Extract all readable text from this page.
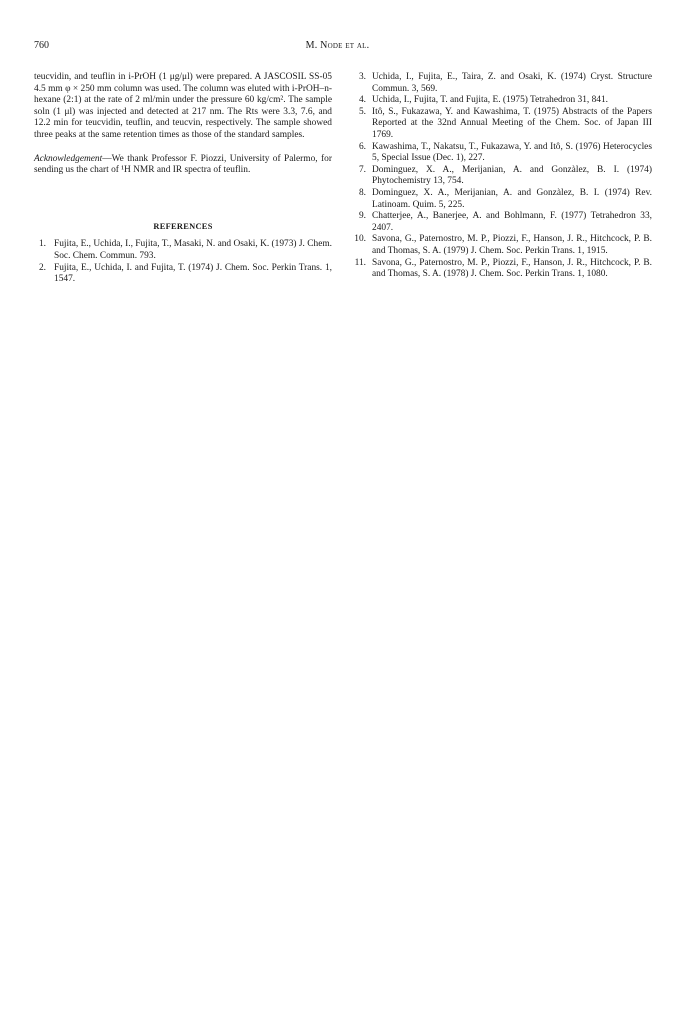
760	M. Node et al.

teucvidin, and teuflin in i-PrOH (1 μg/μl) were prepared. A JASCOSIL SS-05 4.5 mm φ × 250 mm column was used. The column was eluted with i-PrOH–n-hexane (2:1) at the rate of 2 ml/min under the pressure 60 kg/cm². The sample soln (1 μl) was injected and detected at 217 nm. The Rts were 3.3, 7.6, and 12.2 min for teucvidin, teuflin, and teucvin, respectively. The sample showed three peaks at the same retention times as those of the standard samples.

Acknowledgement—We thank Professor F. Piozzi, University of Palermo, for sending us the chart of ¹H NMR and IR spectra of teuflin.

REFERENCES
1. Fujita, E., Uchida, I., Fujita, T., Masaki, N. and Osaki, K. (1973) J. Chem. Soc. Chem. Commun. 793.
2. Fujita, E., Uchida, I. and Fujita, T. (1974) J. Chem. Soc. Perkin Trans. 1, 1547.
3. Uchida, I., Fujita, E., Taira, Z. and Osaki, K. (1974) Cryst. Structure Commun. 3, 569.
4. Uchida, I., Fujita, T. and Fujita, E. (1975) Tetrahedron 31, 841.
5. Itô, S., Fukazawa, Y. and Kawashima, T. (1975) Abstracts of the Papers Reported at the 32nd Annual Meeting of the Chem. Soc. of Japan III 1769.
6. Kawashima, T., Nakatsu, T., Fukazawa, Y. and Itô, S. (1976) Heterocycles 5, Special Issue (Dec. 1), 227.
7. Dominguez, X. A., Merijanian, A. and Gonzàlez, B. I. (1974) Phytochemistry 13, 754.
8. Dominguez, X. A., Merijanian, A. and Gonzàlez, B. I. (1974) Rev. Latinoam. Quim. 5, 225.
9. Chatterjee, A., Banerjee, A. and Bohlmann, F. (1977) Tetrahedron 33, 2407.
10. Savona, G., Paternostro, M. P., Piozzi, F., Hanson, J. R., Hitchcock, P. B. and Thomas, S. A. (1979) J. Chem. Soc. Perkin Trans. 1, 1915.
11. Savona, G., Paternostro, M. P., Piozzi, F., Hanson, J. R., Hitchcock, P. B. and Thomas, S. A. (1978) J. Chem. Soc. Perkin Trans. 1, 1080.
